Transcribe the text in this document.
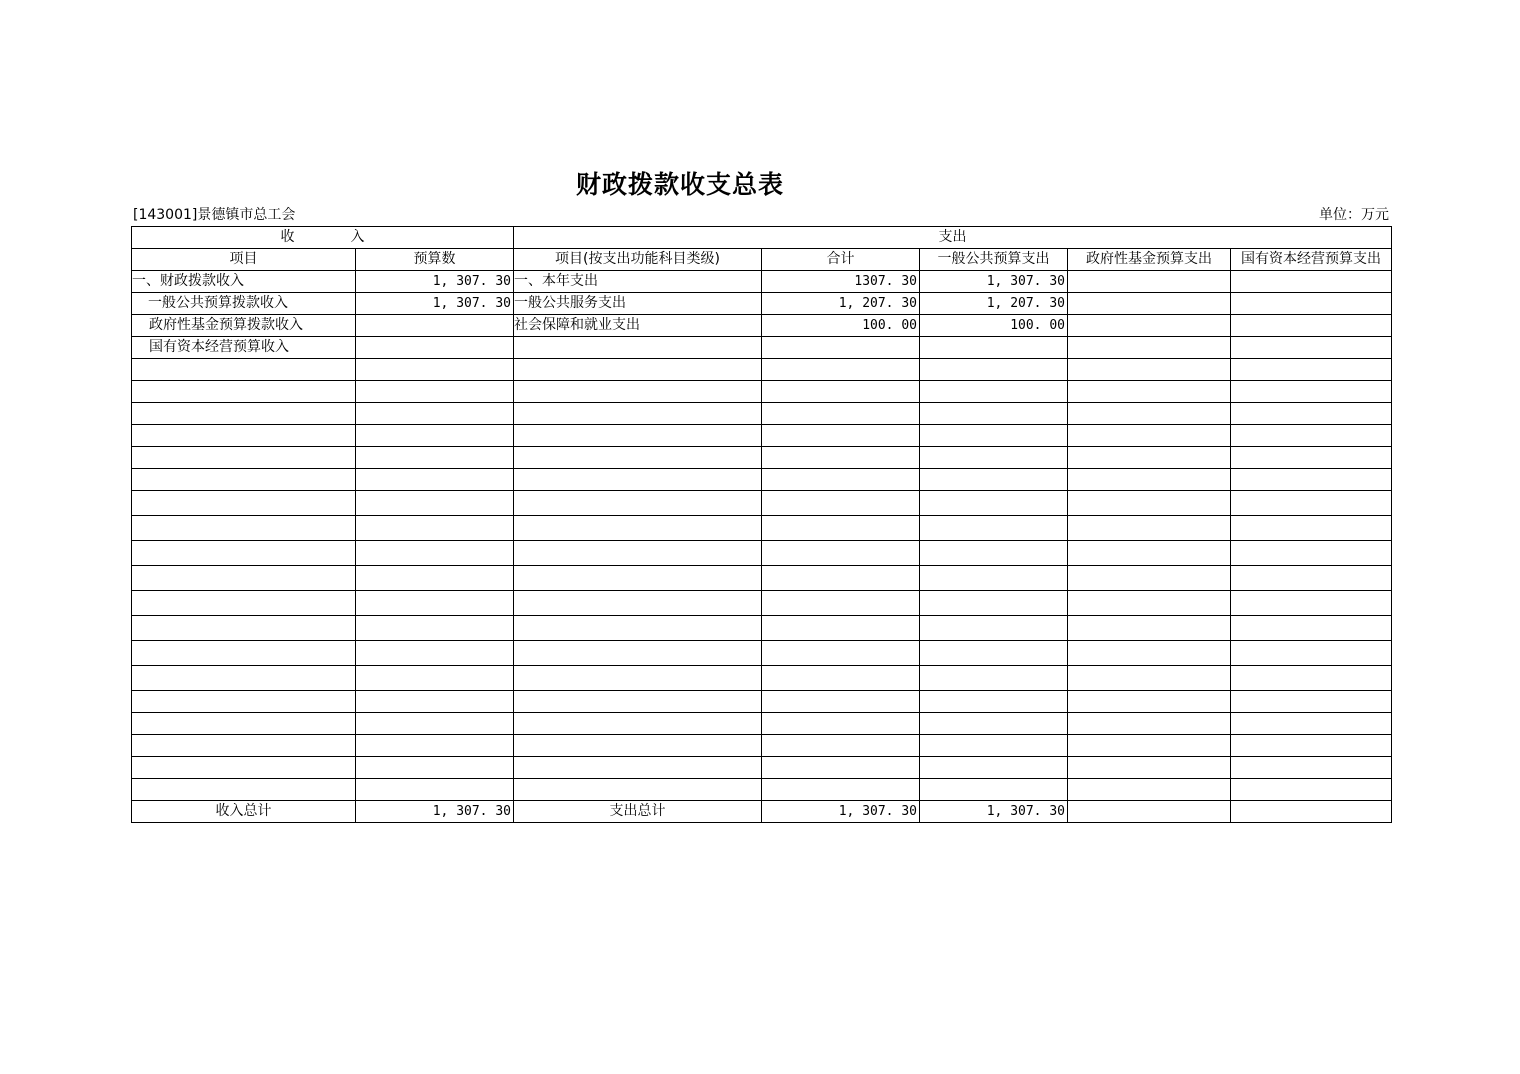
财政拨款收支总表
[143001]景德镇市总工会	单位：万元
收 入		支出				
项目	预算数	项目(按支出功能科目类级)	合计	一般公共预算支出	政府性基金预算支出	国有资本经营预算支出
一、财政拨款收入	1, 307. 30	一、本年支出	1307. 30	1, 307. 30		
一般公共预算拨款收入	1, 307. 30	一般公共服务支出	1, 207. 30	1, 207. 30		
政府性基金预算拨款收入		社会保障和就业支出	100. 00	100. 00		
国有资本经营预算收入						

收入总计	1, 307. 30	支出总计	1, 307. 30	1, 307. 30		
